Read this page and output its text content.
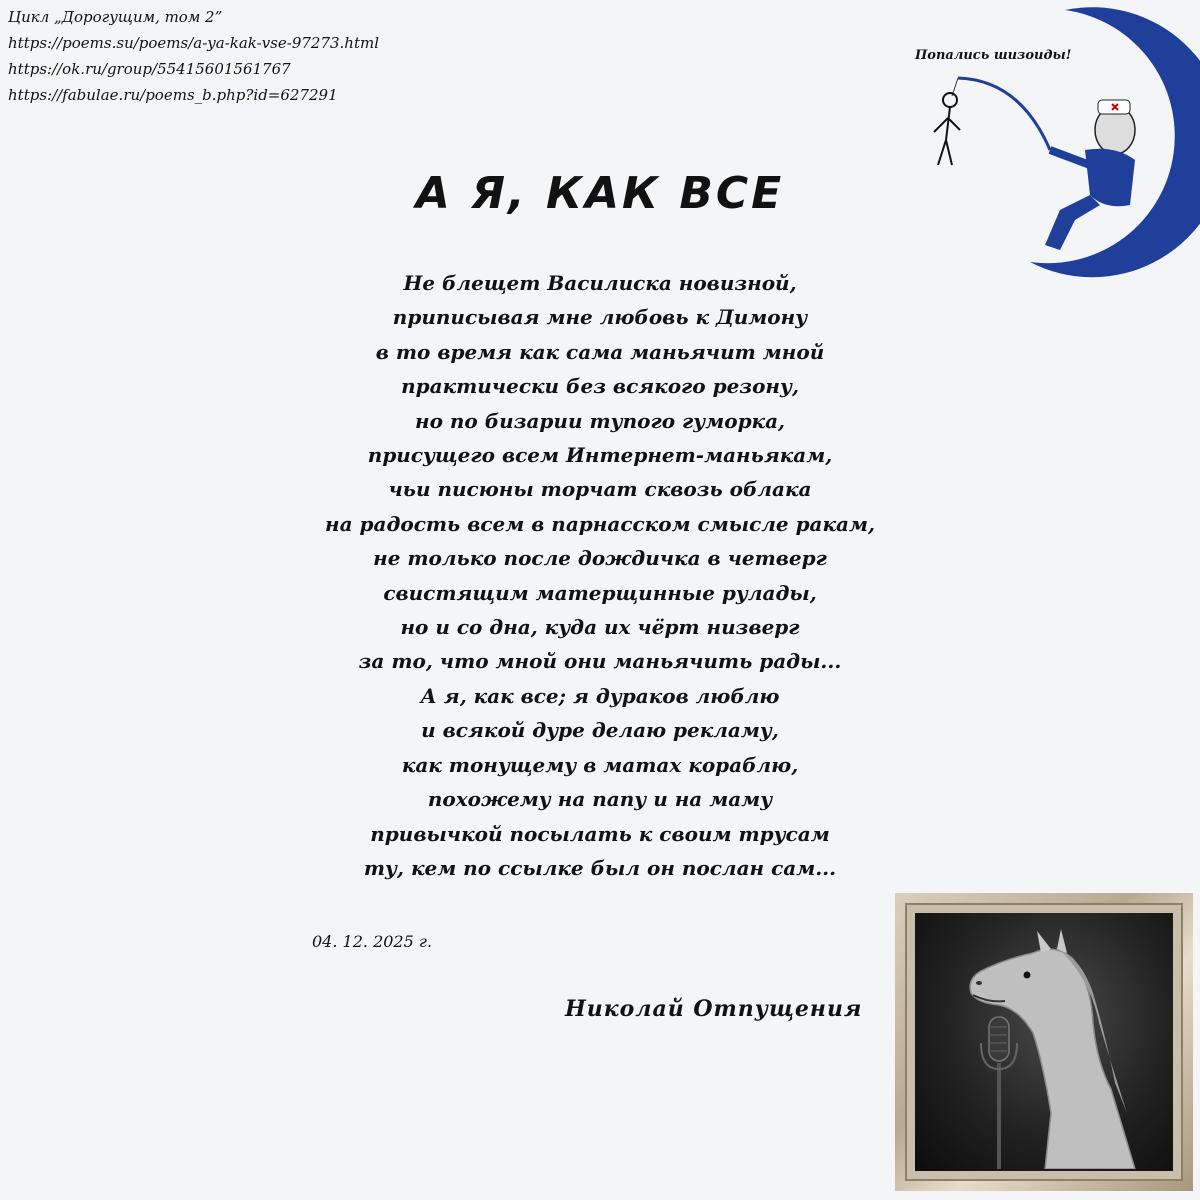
Цикл „Дорогущим, том 2”
https://poems.su/poems/a-ya-kak-vse-97273.html
https://ok.ru/group/55415601561767
https://fabulae.ru/poems_b.php?id=627291
Попались шизоиды!
А Я, КАК ВСЕ
Не блещет Василиска новизной,
приписывая мне любовь к Димону
в то время как сама маньячит мной
практически без всякого резону,
но по бизарии тупого гуморка,
присущего всем Интернет-маньякам,
чьи писюны торчат сквозь облака
на радость всем в парнасском смысле ракам,
не только после дождичка в четверг
свистящим матерщинные рулады,
но и со дна, куда их чёрт низверг
за то, что мной они маньячить рады...
А я, как все; я дураков люблю
и всякой дуре делаю рекламу,
как тонущему в матах кораблю,
похожему на папу и на маму
привычкой посылать к своим трусам
ту, кем по ссылке был он послан сам...
04. 12. 2025 г.
Николай Отпущения
